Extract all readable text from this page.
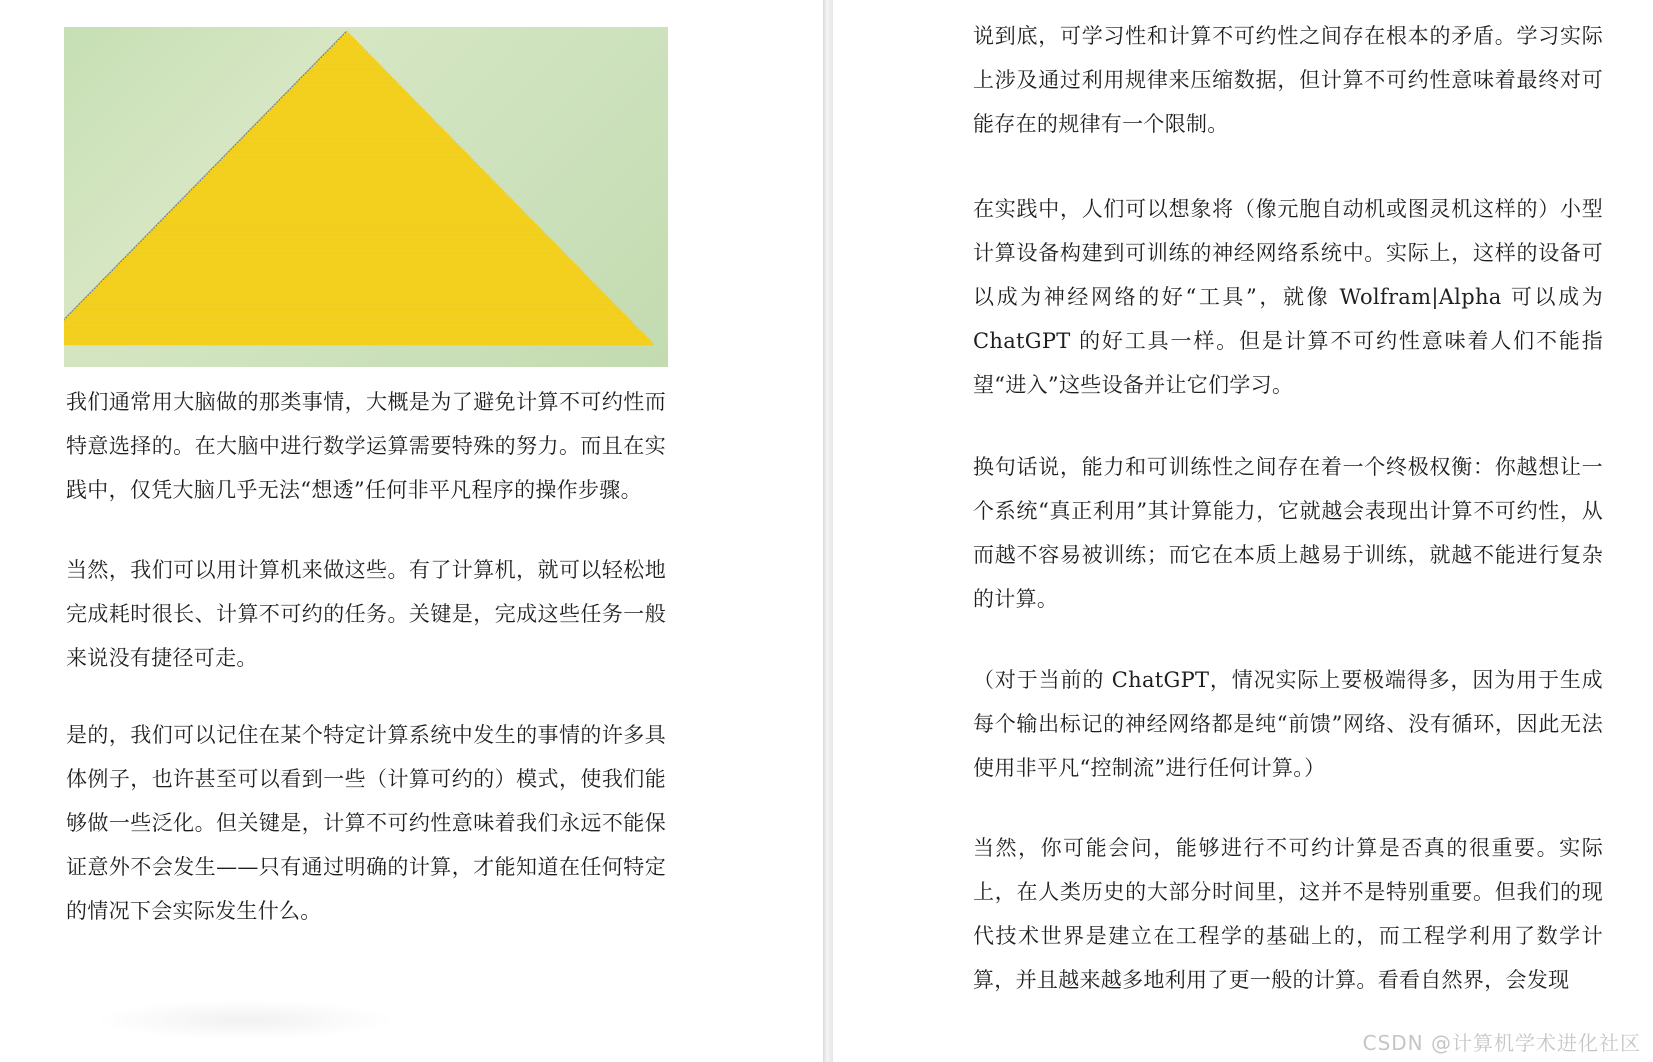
我们通常用大脑做的那类事情，大概是为了避免计算不可约性而特意选择的。在大脑中进行数学运算需要特殊的努力。而且在实践中，仅凭大脑几乎无法“想透”任何非平凡程序的操作步骤。

当然，我们可以用计算机来做这些。有了计算机，就可以轻松地完成耗时很长、计算不可约的任务。关键是，完成这些任务一般来说没有捷径可走。

是的，我们可以记住在某个特定计算系统中发生的事情的许多具体例子，也许甚至可以看到一些（计算可约的）模式，使我们能够做一些泛化。但关键是，计算不可约性意味着我们永远不能保证意外不会发生——只有通过明确的计算，才能知道在任何特定的情况下会实际发生什么。

说到底，可学习性和计算不可约性之间存在根本的矛盾。学习实际上涉及通过利用规律来压缩数据，但计算不可约性意味着最终对可能存在的规律有一个限制。

在实践中，人们可以想象将（像元胞自动机或图灵机这样的）小型计算设备构建到可训练的神经网络系统中。实际上，这样的设备可以成为神经网络的好“工具”，就像 Wolfram|Alpha 可以成为 ChatGPT 的好工具一样。但是计算不可约性意味着人们不能指望“进入”这些设备并让它们学习。

换句话说，能力和可训练性之间存在着一个终极权衡：你越想让一个系统“真正利用”其计算能力，它就越会表现出计算不可约性，从而越不容易被训练；而它在本质上越易于训练，就越不能进行复杂的计算。

（对于当前的 ChatGPT，情况实际上要极端得多，因为用于生成每个输出标记的神经网络都是纯“前馈”网络、没有循环，因此无法使用非平凡“控制流”进行任何计算。）

当然，你可能会问，能够进行不可约计算是否真的很重要。实际上，在人类历史的大部分时间里，这并不是特别重要。但我们的现代技术世界是建立在工程学的基础上的，而工程学利用了数学计算，并且越来越多地利用了更一般的计算。看看自然界，会发现

CSDN @计算机学术进化社区
